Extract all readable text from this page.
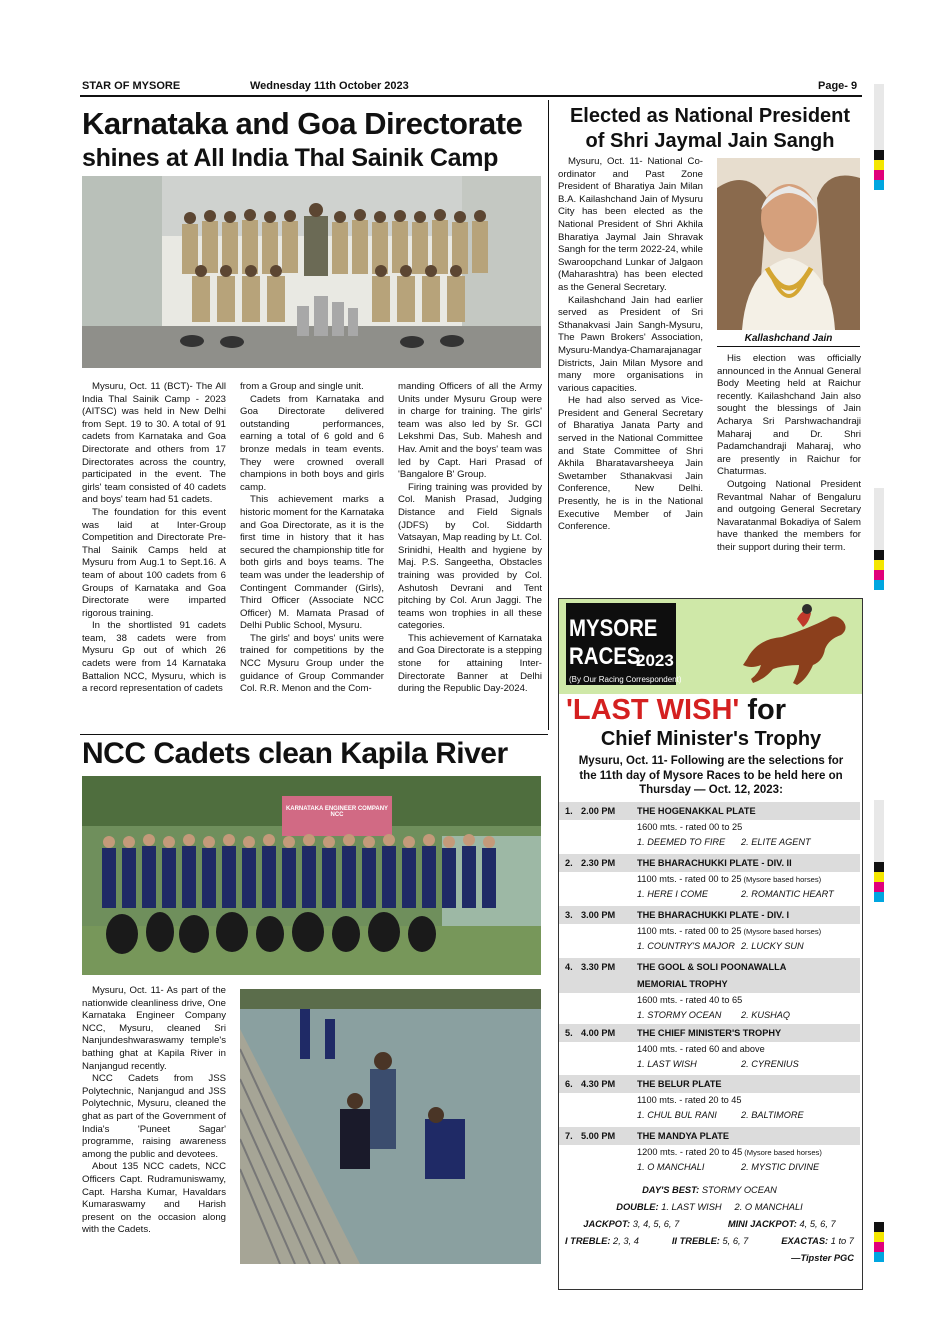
STAR OF MYSORE	Wednesday 11th October 2023	Page- 9
Karnataka and Goa Directorate
shines at All India Thal Sainik Camp

Mysuru, Oct. 11 (BCT)- The All India Thal Sainik Camp - 2023 (AITSC) was held in New Delhi from Sept. 19 to 30. A total of 91 cadets from Karnataka and Goa Directorate and others from 17 Directorates across the country, participated in the event. The girls' team consisted of 40 cadets and boys' team had 51 cadets.

The foundation for this event was laid at Inter-Group Competition and Directorate Pre-Thal Sainik Camps held at Mysuru from Aug.1 to Sept.16. A team of about 100 cadets from 6 Groups of Karnataka and Goa Directorate were imparted rigorous training.

In the shortlisted 91 cadets team, 38 cadets were from Mysuru Gp out of which 26 cadets were from 14 Karnataka Battalion NCC, Mysuru, which is a record representation of cadets

from a Group and single unit.

Cadets from Karnataka and Goa Directorate delivered outstanding performances, earning a total of 6 gold and 6 bronze medals in team events. They were crowned overall champions in both boys and girls camp.

This achievement marks a historic moment for the Karnataka and Goa Directorate, as it is the first time in history that it has secured the championship title for both girls and boys teams. The team was under the leadership of Contingent Commander (Girls), Third Officer (Associate NCC Officer) M. Mamata Prasad of Delhi Public School, Mysuru.

The girls' and boys' units were trained for competitions by the NCC Mysuru Group under the guidance of Group Commander Col. R.R. Menon and the Com-

manding Officers of all the Army Units under Mysuru Group were in charge for training. The girls' team was also led by Sr. GCI Lekshmi Das, Sub. Mahesh and Hav. Amit and the boys' team was led by Capt. Hari Prasad of 'Bangalore B' Group.

Firing training was provided by Col. Manish Prasad, Judging Distance and Field Signals (JDFS) by Col. Siddarth Vatsayan, Map reading by Lt. Col. Srinidhi, Health and hygiene by Maj. P.S. Sangeetha, Obstacles training was provided by Col. Ashutosh Devrani and Tent pitching by Col. Arun Jaggi. The teams won trophies in all these categories.

This achievement of Karnataka and Goa Directorate is a stepping stone for attaining Inter-Directorate Banner at Delhi during the Republic Day-2024.

Elected as National President
of Shri Jaymal Jain Sangh

Mysuru, Oct. 11- National Co-ordinator and Past Zone President of Bharatiya Jain Milan B.A. Kailashchand Jain of Mysuru City has been elected as the National President of Shri Akhila Bharatiya Jaymal Jain Shravak Sangh for the term 2022-24, while Swaroopchand Lunkar of Jalgaon (Maharashtra) has been elected as the General Secretary.

Kailashchand Jain had earlier served as President of Sri Sthanakvasi Jain Sangh-Mysuru, The Pawn Brokers' Association, Mysuru-Mandya-Chamarajanagar Districts, Jain Milan Mysore and many more organisations in various capacities.

He had also served as Vice-President and General Secretary of Bharatiya Janata Party and served in the National Committee and State Committee of Shri Akhila Bharatavarsheeya Jain Swetamber Sthanakvasi Jain Conference, New Delhi. Presently, he is in the National Executive Member of Jain Conference.

Kallashchand Jain

His election was officially announced in the Annual General Body Meeting held at Raichur recently. Kailashchand Jain also sought the blessings of Jain Acharya Sri Parshwachandraji Maharaj and Dr. Shri Padamchandraji Maharaj, who are presently in Raichur for Chaturmas.

Outgoing National President Revantmal Nahar of Bengaluru and outgoing General Secretary Navaratanmal Bokadiya of Salem have thanked the members for their support during their term.

NCC Cadets clean Kapila River
KARNATAKA ENGINEER COMPANY NCC

Mysuru, Oct. 11- As part of the nationwide cleanliness drive, One Karnataka Engineer Company NCC, Mysuru, cleaned Sri Nanjundeshwaraswamy temple's bathing ghat at Kapila River in Nanjangud recently.

NCC Cadets from JSS Polytechnic, Nanjangud and JSS Polytechnic, Mysuru, cleaned the ghat as part of the Government of India's 'Puneet Sagar' programme, raising awareness among the public and devotees.

About 135 NCC cadets, NCC Officers Capt. Rudramuniswamy, Capt. Harsha Kumar, Havaldars Kumaraswamy and Harish present on the occasion along with the Cadets.

MYSORE
RACES
2023
(By Our Racing Correspondent)
'LAST WISH' for
Chief Minister's Trophy
Mysuru, Oct. 11- Following are the selections for the 11th day of Mysore Races to be held here on Thursday — Oct. 12, 2023:
1. 2.00 PM	THE HOGENAKKAL PLATE
1600 mts. - rated 00 to 25
1. DEEMED TO FIRE	2. ELITE AGENT
2. 2.30 PM	THE BHARACHUKKI PLATE - DIV. II
1100 mts. - rated 00 to 25 (Mysore based horses)
1. HERE I COME	2. ROMANTIC HEART
3. 3.00 PM	THE BHARACHUKKI PLATE - DIV. I
1100 mts. - rated 00 to 25 (Mysore based horses)
1. COUNTRY'S MAJOR 2. LUCKY SUN
4. 3.30 PM	THE GOOL & SOLI POONAWALLA
MEMORIAL TROPHY
1600 mts. - rated 40 to 65
1. STORMY OCEAN	2. KUSHAQ
5. 4.00 PM	THE CHIEF MINISTER'S TROPHY
1400 mts. - rated 60 and above
1. LAST WISH	2. CYRENIUS
6. 4.30 PM	THE BELUR PLATE
1100 mts. - rated 20 to 45
1. CHUL BUL RANI	2. BALTIMORE
7. 5.00 PM	THE MANDYA PLATE
1200 mts. - rated 20 to 45 (Mysore based horses)
1. O MANCHALI	2. MYSTIC DIVINE
DAY'S BEST: STORMY OCEAN
DOUBLE: 1. LAST WISH     2. O MANCHALI
JACKPOT: 3, 4, 5, 6, 7	MINI JACKPOT: 4, 5, 6, 7
I TREBLE: 2, 3, 4	II TREBLE: 5, 6, 7	EXACTAS: 1 to 7
—Tipster PGC
